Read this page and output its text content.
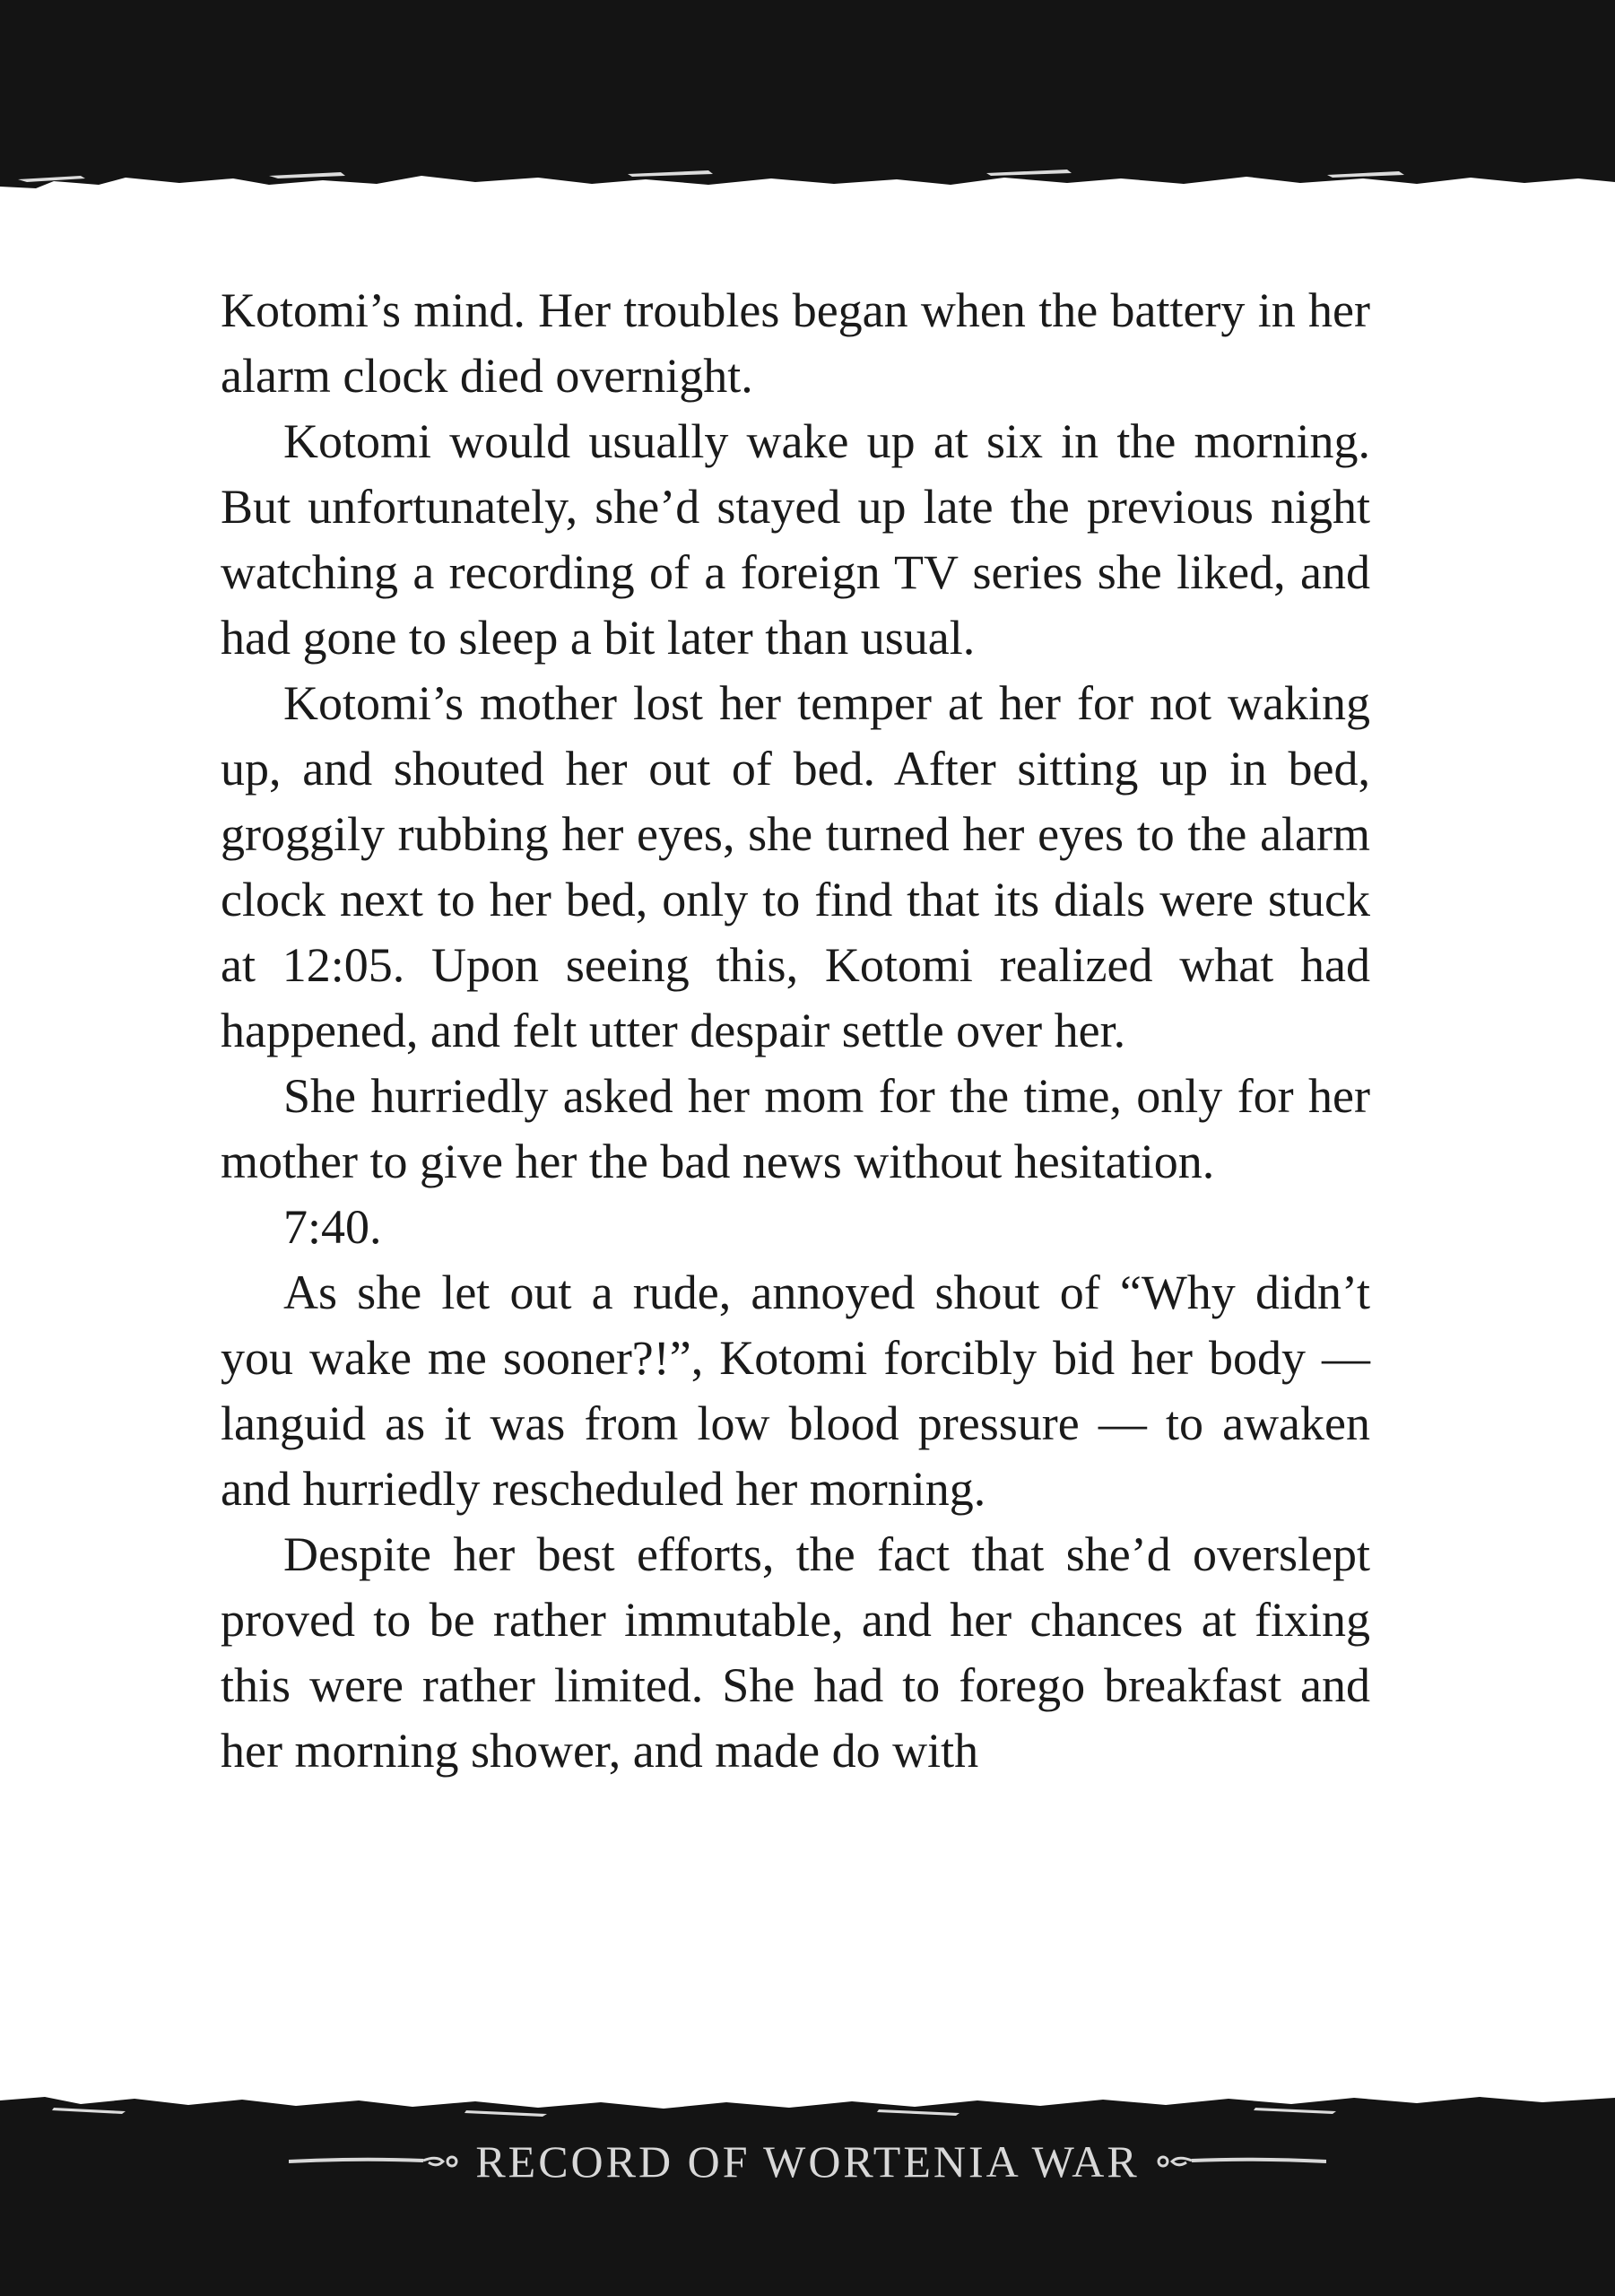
Kotomi’s mind. Her troubles began when the battery in her alarm clock died overnight.

Kotomi would usually wake up at six in the morning. But unfortunately, she’d stayed up late the previous night watching a recording of a foreign TV series she liked, and had gone to sleep a bit later than usual.

Kotomi’s mother lost her temper at her for not waking up, and shouted her out of bed. After sitting up in bed, groggily rubbing her eyes, she turned her eyes to the alarm clock next to her bed, only to find that its dials were stuck at 12:05. Upon seeing this, Kotomi realized what had happened, and felt utter despair settle over her.

She hurriedly asked her mom for the time, only for her mother to give her the bad news without hesitation.

7:40.

As she let out a rude, annoyed shout of “Why didn’t you wake me sooner?!”, Kotomi forcibly bid her body — languid as it was from low blood pressure — to awaken and hurriedly rescheduled her morning.

Despite her best efforts, the fact that she’d overslept proved to be rather immutable, and her chances at fixing this were rather limited. She had to forego breakfast and her morning shower, and made do with

RECORD OF WORTENIA WAR
